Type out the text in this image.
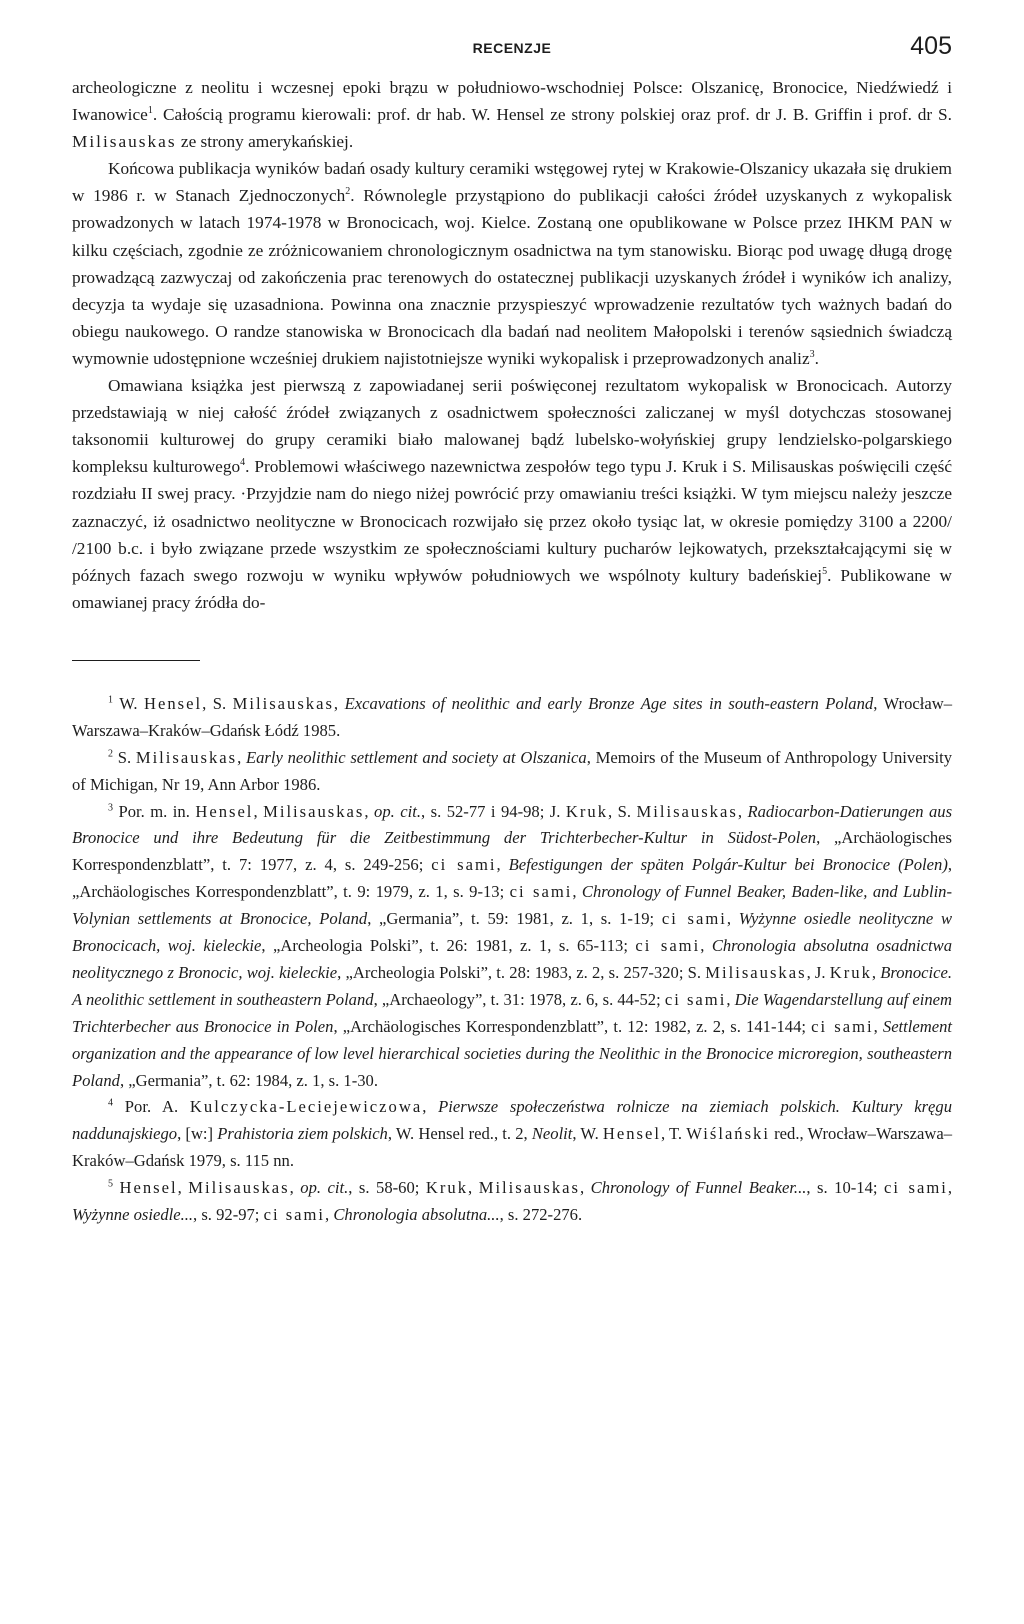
RECENZJE	405

archeologiczne z neolitu i wczesnej epoki brązu w południowo-wschodniej Polsce: Olszanicę, Bronocice, Niedźwiedź i Iwanowice$^1$. Całością programu kierowali: prof. dr hab. W. Hensel ze strony polskiej oraz prof. dr J. B. Griffin i prof. dr S. Milisauskas ze strony amerykańskiej.

Końcowa publikacja wyników badań osady kultury ceramiki wstęgowej rytej w Krakowie-Olszanicy ukazała się drukiem w 1986 r. w Stanach Zjednoczonych$^2$. Równolegle przystąpiono do publikacji całości źródeł uzyskanych z wykopalisk prowadzonych w latach 1974-1978 w Bronocicach, woj. Kielce. Zostaną one opublikowane w Polsce przez IHKM PAN w kilku częściach, zgodnie ze zróżnicowaniem chronologicznym osadnictwa na tym stanowisku. Biorąc pod uwagę długą drogę prowadzącą zazwyczaj od zakończenia prac terenowych do ostatecznej publikacji uzyskanych źródeł i wyników ich analizy, decyzja ta wydaje się uzasadniona. Powinna ona znacznie przyspieszyć wprowadzenie rezultatów tych ważnych badań do obiegu naukowego. O randze stanowiska w Bronocicach dla badań nad neolitem Małopolski i terenów sąsiednich świadczą wymownie udostępnione wcześniej drukiem najistotniejsze wyniki wykopalisk i przeprowadzonych analiz$^3$.

Omawiana książka jest pierwszą z zapowiadanej serii poświęconej rezultatom wykopalisk w Bronocicach. Autorzy przedstawiają w niej całość źródeł związanych z osadnictwem społeczności zaliczanej w myśl dotychczas stosowanej taksonomii kulturowej do grupy ceramiki biało malowanej bądź lubelsko-wołyńskiej grupy lendzielsko-polgarskiego kompleksu kulturowego$^4$. Problemowi właściwego nazewnictwa zespołów tego typu J. Kruk i S. Milisauskas poświęcili część rozdziału II swej pracy. ·Przyjdzie nam do niego niżej powrócić przy omawianiu treści książki. W tym miejscu należy jeszcze zaznaczyć, iż osadnictwo neolityczne w Bronocicach rozwijało się przez około tysiąc lat, w okresie pomiędzy 3100 a 2200/ /2100 b.c. i było związane przede wszystkim ze społecznościami kultury pucharów lejkowatych, przekształcającymi się w późnych fazach swego rozwoju w wyniku wpływów południowych we wspólnoty kultury badeńskiej$^5$. Publikowane w omawianej pracy źródła do-

$^1$ W. Hensel, S. Milisauskas, Excavations of neolithic and early Bronze Age sites in south-eastern Poland, Wrocław–Warszawa–Kraków–Gdańsk Łódź 1985.

$^2$ S. Milisauskas, Early neolithic settlement and society at Olszanica, Memoirs of the Museum of Anthropology University of Michigan, Nr 19, Ann Arbor 1986.

$^3$ Por. m. in. Hensel, Milisauskas, op. cit., s. 52-77 i 94-98; J. Kruk, S. Milisauskas, Radiocarbon-Datierungen aus Bronocice und ihre Bedeutung für die Zeitbestimmung der Trichterbecher-Kultur in Südost-Polen, „Archäologisches Korrespondenzblatt”, t. 7: 1977, z. 4, s. 249-256; ci sami, Befestigungen der späten Polgár-Kultur bei Bronocice (Polen), „Archäologisches Korrespondenzblatt”, t. 9: 1979, z. 1, s. 9-13; ci sami, Chronology of Funnel Beaker, Baden-like, and Lublin-Volynian settlements at Bronocice, Poland, „Germania”, t. 59: 1981, z. 1, s. 1-19; ci sami, Wyżynne osiedle neolityczne w Bronocicach, woj. kieleckie, „Archeologia Polski”, t. 26: 1981, z. 1, s. 65-113; ci sami, Chronologia absolutna osadnictwa neolitycznego z Bronocic, woj. kieleckie, „Archeologia Polski”, t. 28: 1983, z. 2, s. 257-320; S. Milisauskas, J. Kruk, Bronocice. A neolithic settlement in southeastern Poland, „Archaeology”, t. 31: 1978, z. 6, s. 44-52; ci sami, Die Wagendarstellung auf einem Trichterbecher aus Bronocice in Polen, „Archäologisches Korrespondenzblatt”, t. 12: 1982, z. 2, s. 141-144; ci sami, Settlement organization and the appearance of low level hierarchical societies during the Neolithic in the Bronocice microregion, southeastern Poland, „Germania”, t. 62: 1984, z. 1, s. 1-30.

$^4$ Por. A. Kulczycka-Leciejewiczowa, Pierwsze społeczeństwa rolnicze na ziemiach polskich. Kultury kręgu naddunajskiego, [w:] Prahistoria ziem polskich, W. Hensel red., t. 2, Neolit, W. Hensel, T. Wiślański red., Wrocław–Warszawa–Kraków–Gdańsk 1979, s. 115 nn.

$^5$ Hensel, Milisauskas, op. cit., s. 58-60; Kruk, Milisauskas, Chronology of Funnel Beaker..., s. 10-14; ci sami, Wyżynne osiedle..., s. 92-97; ci sami, Chronologia absolutna..., s. 272-276.
